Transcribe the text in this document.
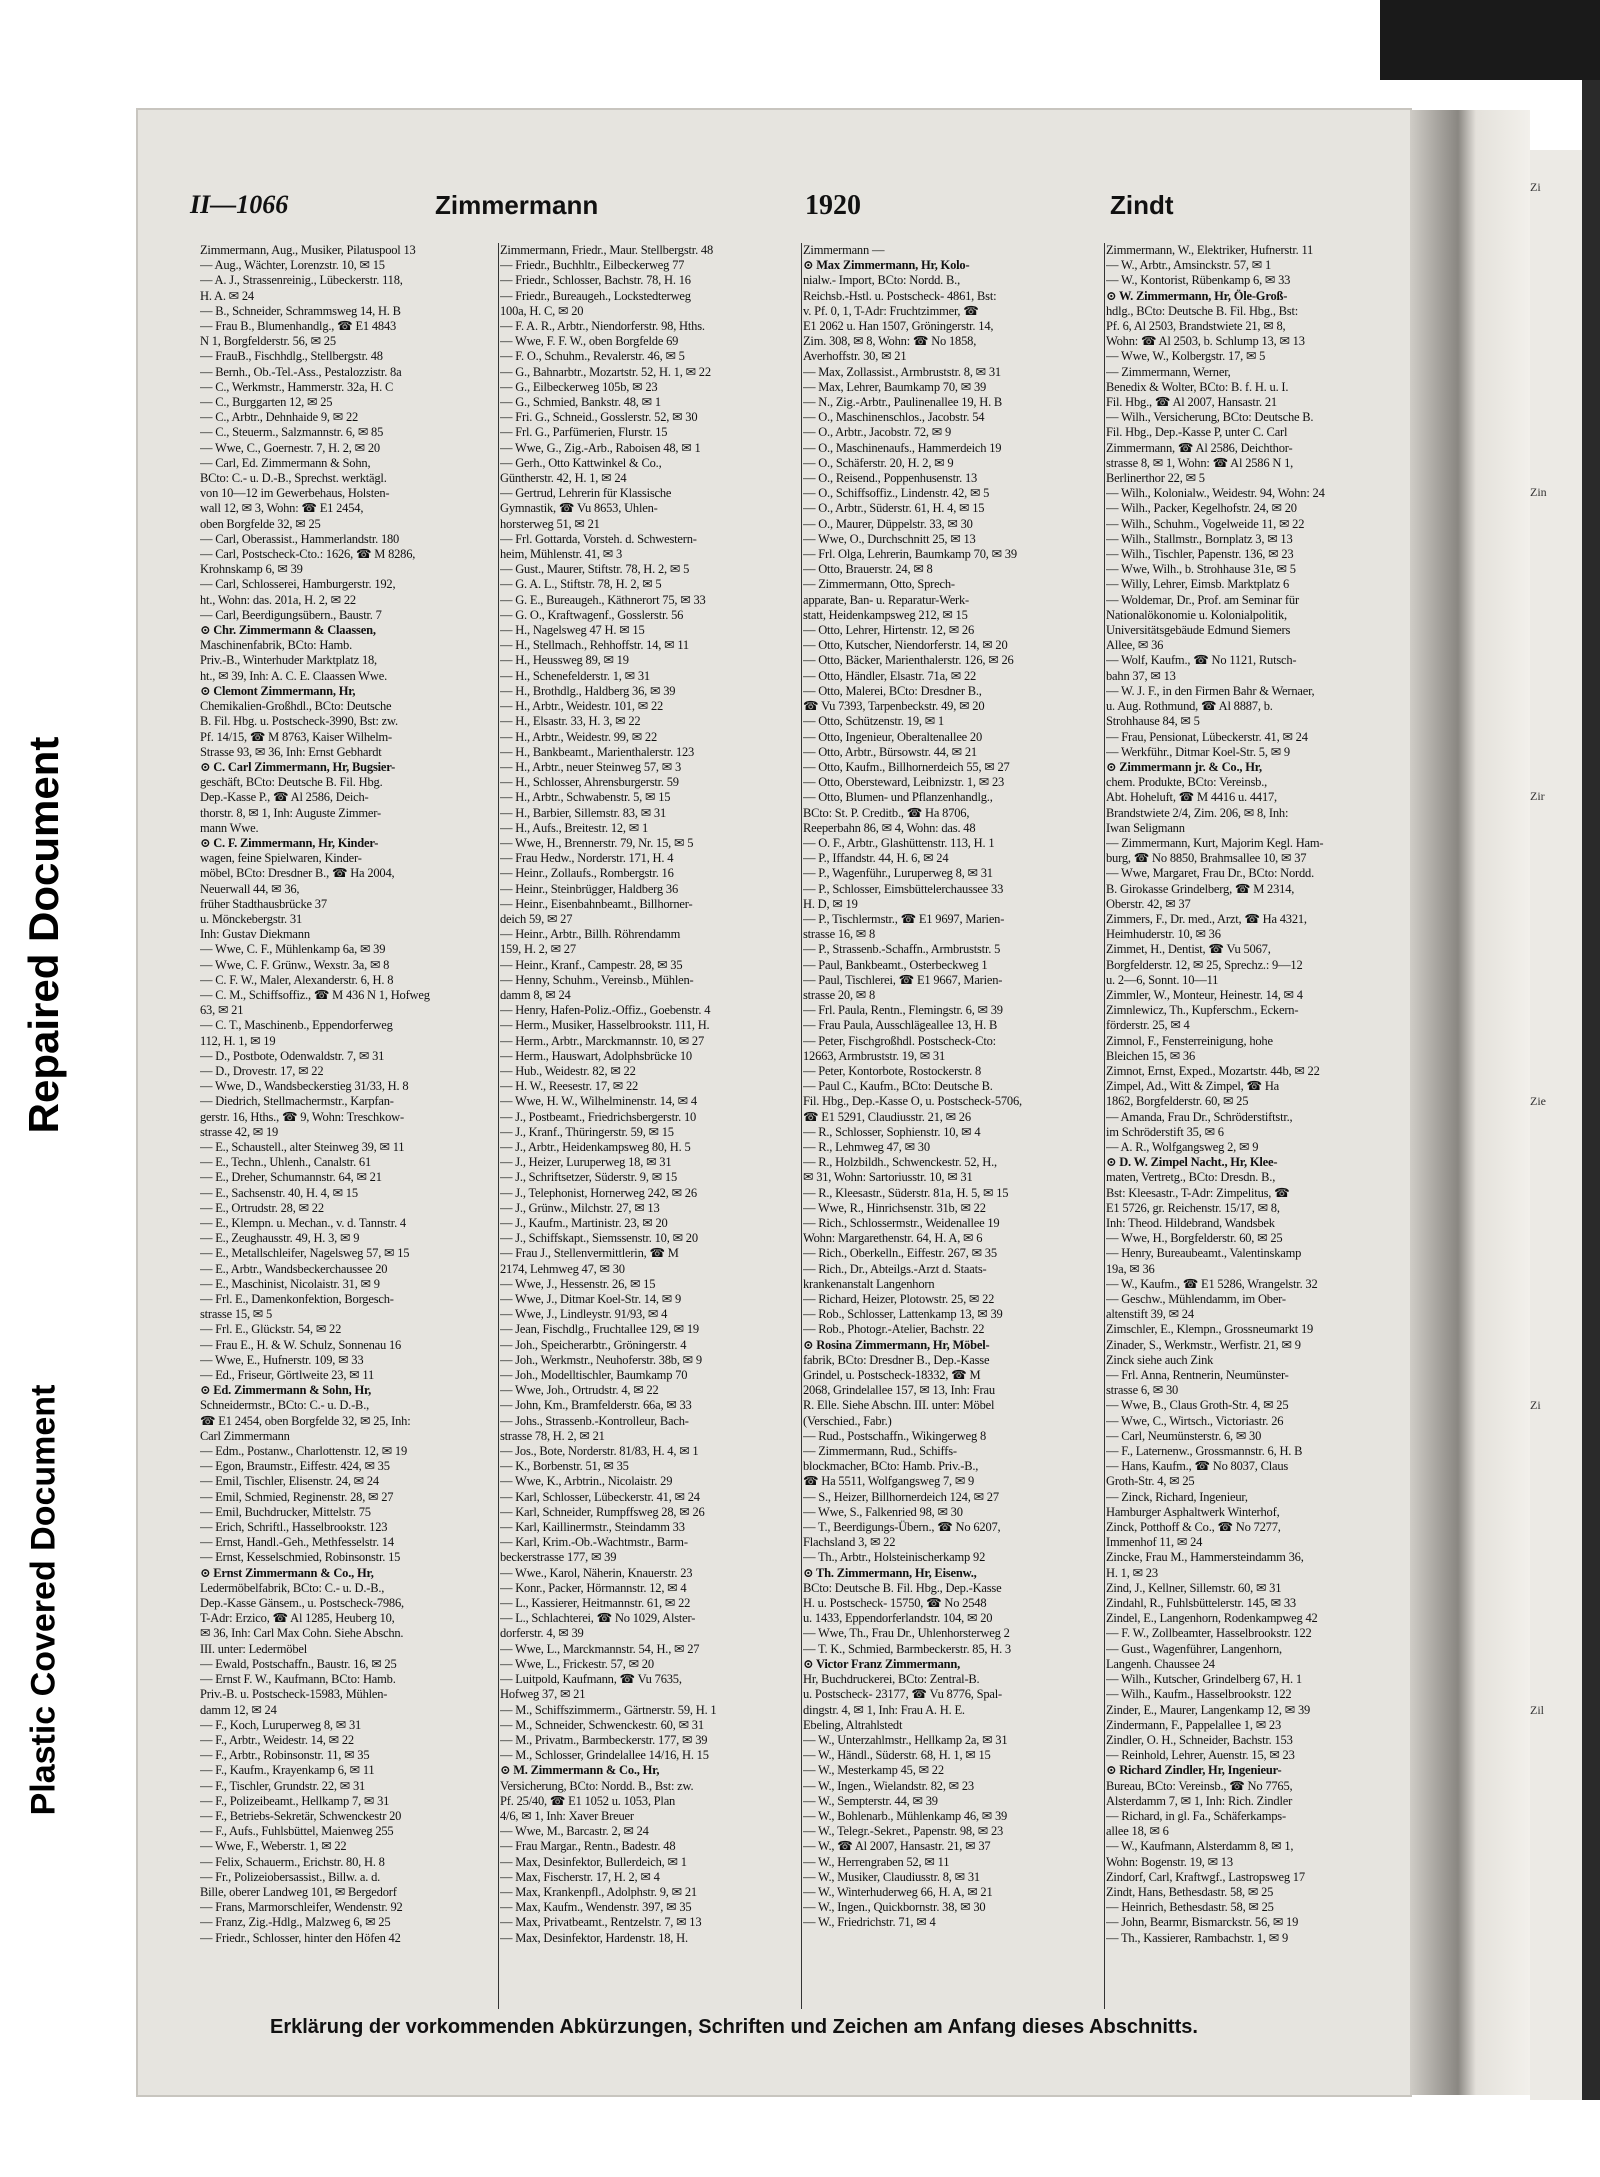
Repaired Document
Plastic Covered Document
Zi
Zin
Zir
Zie
Zi
Zil
II—1066	Zimmermann	1920	Zindt
Zimmermann, Aug., Musiker, Pilatuspool 13
— Aug., Wächter, Lorenzstr. 10, ✉ 15
— A. J., Strassenreinig., Lübeckerstr. 118,
H. A. ✉ 24
— B., Schneider, Schrammsweg 14, H. B
— Frau B., Blumenhandlg., ☎ E1 4843
N 1, Borgfelderstr. 56, ✉ 25
— FrauB., Fischhdlg., Stellbergstr. 48
— Bernh., Ob.-Tel.-Ass., Pestalozzistr. 8a
— C., Werkmstr., Hammerstr. 32a, H. C
— C., Burggarten 12, ✉ 25
— C., Arbtr., Dehnhaide 9, ✉ 22
— C., Steuerm., Salzmannstr. 6, ✉ 85
— Wwe, C., Goernestr. 7, H. 2, ✉ 20
— Carl, Ed. Zimmermann & Sohn,
BCto: C.- u. D.-B., Sprechst. werktägl.
von 10—12 im Gewerbehaus, Holsten-
wall 12, ✉ 3, Wohn: ☎ E1 2454,
oben Borgfelde 32, ✉ 25
— Carl, Oberassist., Hammerlandstr. 180
— Carl, Postscheck-Cto.: 1626, ☎ M 8286,
Krohnskamp 6, ✉ 39
— Carl, Schlosserei, Hamburgerstr. 192,
ht., Wohn: das. 201a, H. 2, ✉ 22
— Carl, Beerdigungsübern., Baustr. 7
⊙ Chr. Zimmermann & Claassen,
Maschinenfabrik, BCto: Hamb.
Priv.-B., Winterhuder Marktplatz 18,
ht., ✉ 39, Inh: A. C. E. Claassen Wwe.
⊙ Clemont Zimmermann, Hr,
Chemikalien-Großhdl., BCto: Deutsche
B. Fil. Hbg. u. Postscheck-3990, Bst: zw.
Pf. 14/15, ☎ M 8763, Kaiser Wilhelm-
Strasse 93, ✉ 36, Inh: Ernst Gebhardt
⊙ C. Carl Zimmermann, Hr, Bugsier-
geschäft, BCto: Deutsche B. Fil. Hbg.
Dep.-Kasse P., ☎ Al 2586, Deich-
thorstr. 8, ✉ 1, Inh: Auguste Zimmer-
mann Wwe.
⊙ C. F. Zimmermann, Hr, Kinder-
wagen, feine Spielwaren, Kinder-
möbel, BCto: Dresdner B., ☎ Ha 2004,
Neuerwall 44, ✉ 36,
früher Stadthausbrücke 37
u. Mönckebergstr. 31
Inh: Gustav Diekmann
— Wwe, C. F., Mühlenkamp 6a, ✉ 39
— Wwe, C. F. Grünw., Wexstr. 3a, ✉ 8
— C. F. W., Maler, Alexanderstr. 6, H. 8
— C. M., Schiffsoffiz., ☎ M 436 N 1, Hofweg
63, ✉ 21
— C. T., Maschinenb., Eppendorferweg
112, H. 1, ✉ 19
— D., Postbote, Odenwaldstr. 7, ✉ 31
— D., Drovestr. 17, ✉ 22
— Wwe, D., Wandsbeckerstieg 31/33, H. 8
— Diedrich, Stellmachermstr., Karpfan-
gerstr. 16, Hths., ☎ 9, Wohn: Treschkow-
strasse 42, ✉ 19
— E., Schaustell., alter Steinweg 39, ✉ 11
— E., Techn., Uhlenh., Canalstr. 61
— E., Dreher, Schumannstr. 64, ✉ 21
— E., Sachsenstr. 40, H. 4, ✉ 15
— E., Ortrudstr. 28, ✉ 22
— E., Klempn. u. Mechan., v. d. Tannstr. 4
— E., Zeughausstr. 49, H. 3, ✉ 9
— E., Metallschleifer, Nagelsweg 57, ✉ 15
— E., Arbtr., Wandsbeckerchaussee 20
— E., Maschinist, Nicolaistr. 31, ✉ 9
— Frl. E., Damenkonfektion, Borgesch-
strasse 15, ✉ 5
— Frl. E., Glückstr. 54, ✉ 22
— Frau E., H. & W. Schulz, Sonnenau 16
— Wwe, E., Hufnerstr. 109, ✉ 33
— Ed., Friseur, Görtlweite 23, ✉ 11
⊙ Ed. Zimmermann & Sohn, Hr,
Schneidermstr., BCto: C.- u. D.-B.,
☎ E1 2454, oben Borgfelde 32, ✉ 25, Inh:
Carl Zimmermann
— Edm., Postanw., Charlottenstr. 12, ✉ 19
— Egon, Braumstr., Eiffestr. 424, ✉ 35
— Emil, Tischler, Elisenstr. 24, ✉ 24
— Emil, Schmied, Reginenstr. 28, ✉ 27
— Emil, Buchdrucker, Mittelstr. 75
— Erich, Schriftl., Hasselbrookstr. 123
— Ernst, Handl.-Geh., Methfesselstr. 14
— Ernst, Kesselschmied, Robinsonstr. 15
⊙ Ernst Zimmermann & Co., Hr,
Ledermöbelfabrik, BCto: C.- u. D.-B.,
Dep.-Kasse Gänsem., u. Postscheck-7986,
T-Adr: Erzico, ☎ Al 1285, Heuberg 10,
✉ 36, Inh: Carl Max Cohn. Siehe Abschn.
III. unter: Ledermöbel
— Ewald, Postschaffn., Baustr. 16, ✉ 25
— Ernst F. W., Kaufmann, BCto: Hamb.
Priv.-B. u. Postscheck-15983, Mühlen-
damm 12, ✉ 24
— F., Koch, Luruperweg 8, ✉ 31
— F., Arbtr., Weidestr. 14, ✉ 22
— F., Arbtr., Robinsonstr. 11, ✉ 35
— F., Kaufm., Krayenkamp 6, ✉ 11
— F., Tischler, Grundstr. 22, ✉ 31
— F., Polizeibeamt., Hellkamp 7, ✉ 31
— F., Betriebs-Sekretär, Schwenckestr 20
— F., Aufs., Fuhlsbüttel, Maienweg 255
— Wwe, F., Weberstr. 1, ✉ 22
— Felix, Schauerm., Erichstr. 80, H. 8
— Fr., Polizeiobersassist., Billw. a. d.
Bille, oberer Landweg 101, ✉ Bergedorf
— Frans, Marmorschleifer, Wendenstr. 92
— Franz, Zig.-Hdlg., Malzweg 6, ✉ 25
— Friedr., Schlosser, hinter den Höfen 42
Zimmermann, Friedr., Maur. Stellbergstr. 48
— Friedr., Buchhltr., Eilbeckerweg 77
— Friedr., Schlosser, Bachstr. 78, H. 16
— Friedr., Bureaugeh., Lockstedterweg
100a, H. C, ✉ 20
— F. A. R., Arbtr., Niendorferstr. 98, Hths.
— Wwe, F. F. W., oben Borgfelde 69
— F. O., Schuhm., Revalerstr. 46, ✉ 5
— G., Bahnarbtr., Mozartstr. 52, H. 1, ✉ 22
— G., Eilbeckerweg 105b, ✉ 23
— G., Schmied, Bankstr. 48, ✉ 1
— Fri. G., Schneid., Gosslerstr. 52, ✉ 30
— Frl. G., Parfümerien, Flurstr. 15
— Wwe, G., Zig.-Arb., Raboisen 48, ✉ 1
— Gerh., Otto Kattwinkel & Co.,
Güntherstr. 42, H. 1, ✉ 24
— Gertrud, Lehrerin für Klassische
Gymnastik, ☎ Vu 8653, Uhlen-
horsterweg 51, ✉ 21
— Frl. Gottarda, Vorsteh. d. Schwestern-
heim, Mühlenstr. 41, ✉ 3
— Gust., Maurer, Stiftstr. 78, H. 2, ✉ 5
— G. A. L., Stiftstr. 78, H. 2, ✉ 5
— G. E., Bureaugeh., Käthnerort 75, ✉ 33
— G. O., Kraftwagenf., Gosslerstr. 56
— H., Nagelsweg 47 H. ✉ 15
— H., Stellmach., Rehhoffstr. 14, ✉ 11
— H., Heussweg 89, ✉ 19
— H., Schenefelderstr. 1, ✉ 31
— H., Brothdlg., Haldberg 36, ✉ 39
— H., Arbtr., Weidestr. 101, ✉ 22
— H., Elsastr. 33, H. 3, ✉ 22
— H., Arbtr., Weidestr. 99, ✉ 22
— H., Bankbeamt., Marienthalerstr. 123
— H., Arbtr., neuer Steinweg 57, ✉ 3
— H., Schlosser, Ahrensburgerstr. 59
— H., Arbtr., Schwabenstr. 5, ✉ 15
— H., Barbier, Sillemstr. 83, ✉ 31
— H., Aufs., Breitestr. 12, ✉ 1
— Wwe, H., Brennerstr. 79, Nr. 15, ✉ 5
— Frau Hedw., Norderstr. 171, H. 4
— Heinr., Zollaufs., Rombergstr. 16
— Heinr., Steinbrügger, Haldberg 36
— Heinr., Eisenbahnbeamt., Billhorner-
deich 59, ✉ 27
— Heinr., Arbtr., Billh. Röhrendamm
159, H. 2, ✉ 27
— Heinr., Kranf., Campestr. 28, ✉ 35
— Henny, Schuhm., Vereinsb., Mühlen-
damm 8, ✉ 24
— Henry, Hafen-Poliz.-Offiz., Goebenstr. 4
— Herm., Musiker, Hasselbrookstr. 111, H.
— Herm., Arbtr., Marckmannstr. 10, ✉ 27
— Herm., Hauswart, Adolphsbrücke 10
— Hub., Weidestr. 82, ✉ 22
— H. W., Reesestr. 17, ✉ 22
— Wwe, H. W., Wilhelminenstr. 14, ✉ 4
— J., Postbeamt., Friedrichsbergerstr. 10
— J., Kranf., Thüringerstr. 59, ✉ 15
— J., Arbtr., Heidenkampsweg 80, H. 5
— J., Heizer, Luruperweg 18, ✉ 31
— J., Schriftsetzer, Süderstr. 9, ✉ 15
— J., Telephonist, Hornerweg 242, ✉ 26
— J., Grünw., Milchstr. 27, ✉ 13
— J., Kaufm., Martinistr. 23, ✉ 20
— J., Schiffskapt., Siemssenstr. 10, ✉ 20
— Frau J., Stellenvermittlerin, ☎ M
2174, Lehmweg 47, ✉ 30
— Wwe, J., Hessenstr. 26, ✉ 15
— Wwe, J., Ditmar Koel-Str. 14, ✉ 9
— Wwe, J., Lindleystr. 91/93, ✉ 4
— Jean, Fischdlg., Fruchtallee 129, ✉ 19
— Joh., Speicherarbtr., Gröningerstr. 4
— Joh., Werkmstr., Neuhoferstr. 38b, ✉ 9
— Joh., Modelltischler, Baumkamp 70
— Wwe, Joh., Ortrudstr. 4, ✉ 22
— John, Km., Bramfelderstr. 66a, ✉ 33
— Johs., Strassenb.-Kontrolleur, Bach-
strasse 78, H. 2, ✉ 21
— Jos., Bote, Norderstr. 81/83, H. 4, ✉ 1
— K., Borbenstr. 51, ✉ 35
— Wwe, K., Arbtrin., Nicolaistr. 29
— Karl, Schlosser, Lübeckerstr. 41, ✉ 24
— Karl, Schneider, Rumpffsweg 28, ✉ 26
— Karl, Kaillinermstr., Steindamm 33
— Karl, Krim.-Ob.-Wachtmstr., Barm-
beckerstrasse 177, ✉ 39
— Wwe., Karol, Näherin, Knauerstr. 23
— Konr., Packer, Hörmannstr. 12, ✉ 4
— L., Kassierer, Heitmannstr. 61, ✉ 22
— L., Schlachterei, ☎ No 1029, Alster-
dorferstr. 4, ✉ 39
— Wwe, L., Marckmannstr. 54, H., ✉ 27
— Wwe, L., Frickestr. 57, ✉ 20
— Luitpold, Kaufmann, ☎ Vu 7635,
Hofweg 37, ✉ 21
— M., Schiffszimmerm., Gärtnerstr. 59, H. 1
— M., Schneider, Schwenckestr. 60, ✉ 31
— M., Privatm., Barmbeckerstr. 177, ✉ 39
— M., Schlosser, Grindelallee 14/16, H. 15
⊙ M. Zimmermann & Co., Hr,
Versicherung, BCto: Nordd. B., Bst: zw.
Pf. 25/40, ☎ E1 1052 u. 1053, Plan
4/6, ✉ 1, Inh: Xaver Breuer
— Wwe, M., Barcastr. 2, ✉ 24
— Frau Margar., Rentn., Badestr. 48
— Max, Desinfektor, Bullerdeich, ✉ 1
— Max, Fischerstr. 17, H. 2, ✉ 4
— Max, Krankenpfl., Adolphstr. 9, ✉ 21
— Max, Kaufm., Wendenstr. 397, ✉ 35
— Max, Privatbeamt., Rentzelstr. 7, ✉ 13
— Max, Desinfektor, Hardenstr. 18, H.
Zimmermann —
⊙ Max Zimmermann, Hr, Kolo-
nialw.- Import, BCto: Nordd. B.,
Reichsb.-Hstl. u. Postscheck- 4861, Bst:
v. Pf. 0, 1, T-Adr: Fruchtzimmer, ☎
E1 2062 u. Han 1507, Gröningerstr. 14,
Zim. 308, ✉ 8, Wohn: ☎ No 1858,
Averhoffstr. 30, ✉ 21
— Max, Zollassist., Armbruststr. 8, ✉ 31
— Max, Lehrer, Baumkamp 70, ✉ 39
— N., Zig.-Arbtr., Paulinenallee 19, H. B
— O., Maschinenschlos., Jacobstr. 54
— O., Arbtr., Jacobstr. 72, ✉ 9
— O., Maschinenaufs., Hammerdeich 19
— O., Schäferstr. 20, H. 2, ✉ 9
— O., Reisend., Poppenhusenstr. 13
— O., Schiffsoffiz., Lindenstr. 42, ✉ 5
— O., Arbtr., Süderstr. 61, H. 4, ✉ 15
— O., Maurer, Düppelstr. 33, ✉ 30
— Wwe, O., Durchschnitt 25, ✉ 13
— Frl. Olga, Lehrerin, Baumkamp 70, ✉ 39
— Otto, Brauerstr. 24, ✉ 8
— Zimmermann, Otto, Sprech-
apparate, Ban- u. Reparatur-Werk-
statt, Heidenkampsweg 212, ✉ 15
— Otto, Lehrer, Hirtenstr. 12, ✉ 26
— Otto, Kutscher, Niendorferstr. 14, ✉ 20
— Otto, Bäcker, Marienthalerstr. 126, ✉ 26
— Otto, Händler, Elsastr. 71a, ✉ 22
— Otto, Malerei, BCto: Dresdner B.,
☎ Vu 7393, Tarpenbeckstr. 49, ✉ 20
— Otto, Schützenstr. 19, ✉ 1
— Otto, Ingenieur, Oberaltenallee 20
— Otto, Arbtr., Bürsowstr. 44, ✉ 21
— Otto, Kaufm., Billhornerdeich 55, ✉ 27
— Otto, Obersteward, Leibnizstr. 1, ✉ 23
— Otto, Blumen- und Pflanzenhandlg.,
BCto: St. P. Creditb., ☎ Ha 8706,
Reeperbahn 86, ✉ 4, Wohn: das. 48
— O. F., Arbtr., Glashüttenstr. 113, H. 1
— P., Iffandstr. 44, H. 6, ✉ 24
— P., Wagenführ., Luruperweg 8, ✉ 31
— P., Schlosser, Eimsbüttelerchaussee 33
H. D, ✉ 19
— P., Tischlermstr., ☎ E1 9697, Marien-
strasse 16, ✉ 8
— P., Strassenb.-Schaffn., Armbruststr. 5
— Paul, Bankbeamt., Osterbeckweg 1
— Paul, Tischlerei, ☎ E1 9667, Marien-
strasse 20, ✉ 8
— Frl. Paula, Rentn., Flemingstr. 6, ✉ 39
— Frau Paula, Ausschlägeallee 13, H. B
— Peter, Fischgroßhdl. Postscheck-Cto:
12663, Armbruststr. 19, ✉ 31
— Peter, Kontorbote, Rostockerstr. 8
— Paul C., Kaufm., BCto: Deutsche B.
Fil. Hbg., Dep.-Kasse O, u. Postscheck-5706,
☎ E1 5291, Claudiusstr. 21, ✉ 26
— R., Schlosser, Sophienstr. 10, ✉ 4
— R., Lehmweg 47, ✉ 30
— R., Holzbildh., Schwenckestr. 52, H.,
✉ 31, Wohn: Sartoriusstr. 10, ✉ 31
— R., Kleesastr., Süderstr. 81a, H. 5, ✉ 15
— Wwe, R., Hinrichsenstr. 31b, ✉ 22
— Rich., Schlossermstr., Weidenallee 19
Wohn: Margarethenstr. 64, H. A, ✉ 6
— Rich., Oberkelln., Eiffestr. 267, ✉ 35
— Rich., Dr., Abteilgs.-Arzt d. Staats-
krankenanstalt Langenhorn
— Richard, Heizer, Plotowstr. 25, ✉ 22
— Rob., Schlosser, Lattenkamp 13, ✉ 39
— Rob., Photogr.-Atelier, Bachstr. 22
⊙ Rosina Zimmermann, Hr, Möbel-
fabrik, BCto: Dresdner B., Dep.-Kasse
Grindel, u. Postscheck-18332, ☎ M
2068, Grindelallee 157, ✉ 13, Inh: Frau
R. Elle. Siehe Abschn. III. unter: Möbel
(Verschied., Fabr.)
— Rud., Postschaffn., Wikingerweg 8
— Zimmermann, Rud., Schiffs-
blockmacher, BCto: Hamb. Priv.-B.,
☎ Ha 5511, Wolfgangsweg 7, ✉ 9
— S., Heizer, Billhornerdeich 124, ✉ 27
— Wwe, S., Falkenried 98, ✉ 30
— T., Beerdigungs-Übern., ☎ No 6207,
Flachsland 3, ✉ 22
— Th., Arbtr., Holsteinischerkamp 92
⊙ Th. Zimmermann, Hr, Eisenw.,
BCto: Deutsche B. Fil. Hbg., Dep.-Kasse
H. u. Postscheck- 15750, ☎ No 2548
u. 1433, Eppendorferlandstr. 104, ✉ 20
— Wwe, Th., Frau Dr., Uhlenhorsterweg 2
— T. K., Schmied, Barmbeckerstr. 85, H. 3
⊙ Victor Franz Zimmermann,
Hr, Buchdruckerei, BCto: Zentral-B.
u. Postscheck- 23177, ☎ Vu 8776, Spal-
dingstr. 4, ✉ 1, Inh: Frau A. H. E.
Ebeling, Altrahlstedt
— W., Unterzahlmstr., Hellkamp 2a, ✉ 31
— W., Händl., Süderstr. 68, H. 1, ✉ 15
— W., Mesterkamp 45, ✉ 22
— W., Ingen., Wielandstr. 82, ✉ 23
— W., Sempterstr. 44, ✉ 39
— W., Bohlenarb., Mühlenkamp 46, ✉ 39
— W., Telegr.-Sekret., Papenstr. 98, ✉ 23
— W., ☎ Al 2007, Hansastr. 21, ✉ 37
— W., Herrengraben 52, ✉ 11
— W., Musiker, Claudiusstr. 8, ✉ 31
— W., Winterhuderweg 66, H. A, ✉ 21
— W., Ingen., Quickbornstr. 38, ✉ 30
— W., Friedrichstr. 71, ✉ 4
Zimmermann, W., Elektriker, Hufnerstr. 11
— W., Arbtr., Amsinckstr. 57, ✉ 1
— W., Kontorist, Rübenkamp 6, ✉ 33
⊙ W. Zimmermann, Hr, Öle-Groß-
hdlg., BCto: Deutsche B. Fil. Hbg., Bst:
Pf. 6, Al 2503, Brandstwiete 21, ✉ 8,
Wohn: ☎ Al 2503, b. Schlump 13, ✉ 13
— Wwe, W., Kolbergstr. 17, ✉ 5
— Zimmermann, Werner,
Benedix & Wolter, BCto: B. f. H. u. I.
Fil. Hbg., ☎ Al 2007, Hansastr. 21
— Wilh., Versicherung, BCto: Deutsche B.
Fil. Hbg., Dep.-Kasse P, unter C. Carl
Zimmermann, ☎ Al 2586, Deichthor-
strasse 8, ✉ 1, Wohn: ☎ Al 2586 N 1,
Berlinerthor 22, ✉ 5
— Wilh., Kolonialw., Weidestr. 94, Wohn: 24
— Wilh., Packer, Kegelhofstr. 24, ✉ 20
— Wilh., Schuhm., Vogelweide 11, ✉ 22
— Wilh., Stallmstr., Bornplatz 3, ✉ 13
— Wilh., Tischler, Papenstr. 136, ✉ 23
— Wwe, Wilh., b. Strohhause 31e, ✉ 5
— Willy, Lehrer, Eimsb. Marktplatz 6
— Woldemar, Dr., Prof. am Seminar für
Nationalökonomie u. Kolonialpolitik,
Universitätsgebäude Edmund Siemers
Allee, ✉ 36
— Wolf, Kaufm., ☎ No 1121, Rutsch-
bahn 37, ✉ 13
— W. J. F., in den Firmen Bahr & Wernaer,
u. Aug. Rothmund, ☎ Al 8887, b.
Strohhause 84, ✉ 5
— Frau, Pensionat, Lübeckerstr. 41, ✉ 24
— Werkführ., Ditmar Koel-Str. 5, ✉ 9
⊙ Zimmermann jr. & Co., Hr,
chem. Produkte, BCto: Vereinsb.,
Abt. Hoheluft, ☎ M 4416 u. 4417,
Brandstwiete 2/4, Zim. 206, ✉ 8, Inh:
Iwan Seligmann
— Zimmermann, Kurt, Majorim Kegl. Ham-
burg, ☎ No 8850, Brahmsallee 10, ✉ 37
— Wwe, Margaret, Frau Dr., BCto: Nordd.
B. Girokasse Grindelberg, ☎ M 2314,
Oberstr. 42, ✉ 37
Zimmers, F., Dr. med., Arzt, ☎ Ha 4321,
Heimhuderstr. 10, ✉ 36
Zimmet, H., Dentist, ☎ Vu 5067,
Borgfelderstr. 12, ✉ 25, Sprechz.: 9—12
u. 2—6, Sonnt. 10—11
Zimmler, W., Monteur, Heinestr. 14, ✉ 4
Zimnlewicz, Th., Kupferschm., Eckern-
förderstr. 25, ✉ 4
Zimnol, F., Fensterreinigung, hohe
Bleichen 15, ✉ 36
Zimnot, Ernst, Exped., Mozartstr. 44b, ✉ 22
Zimpel, Ad., Witt & Zimpel, ☎ Ha
1862, Borgfelderstr. 60, ✉ 25
— Amanda, Frau Dr., Schröderstiftstr.,
im Schröderstift 35, ✉ 6
— A. R., Wolfgangsweg 2, ✉ 9
⊙ D. W. Zimpel Nacht., Hr, Klee-
maten, Vertretg., BCto: Dresdn. B.,
Bst: Kleesastr., T-Adr: Zimpelitus, ☎
E1 5726, gr. Reichenstr. 15/17, ✉ 8,
Inh: Theod. Hildebrand, Wandsbek
— Wwe, H., Borgfelderstr. 60, ✉ 25
— Henry, Bureaubeamt., Valentinskamp
19a, ✉ 36
— W., Kaufm., ☎ E1 5286, Wrangelstr. 32
— Geschw., Mühlendamm, im Ober-
altenstift 39, ✉ 24
Zimschler, E., Klempn., Grossneumarkt 19
Zinader, S., Werkmstr., Werfistr. 21, ✉ 9
Zinck siehe auch Zink
— Frl. Anna, Rentnerin, Neumünster-
strasse 6, ✉ 30
— Wwe, B., Claus Groth-Str. 4, ✉ 25
— Wwe, C., Wirtsch., Victoriastr. 26
— Carl, Neumünsterstr. 6, ✉ 30
— F., Laternenw., Grossmannstr. 6, H. B
— Hans, Kaufm., ☎ No 8037, Claus
Groth-Str. 4, ✉ 25
— Zinck, Richard, Ingenieur,
Hamburger Asphaltwerk Winterhof,
Zinck, Potthoff & Co., ☎ No 7277,
Immenhof 11, ✉ 24
Zincke, Frau M., Hammersteindamm 36,
H. 1, ✉ 23
Zind, J., Kellner, Sillemstr. 60, ✉ 31
Zindahl, R., Fuhlsbüttelerstr. 145, ✉ 33
Zindel, E., Langenhorn, Rodenkampweg 42
— F. W., Zollbeamter, Hasselbrookstr. 122
— Gust., Wagenführer, Langenhorn,
Langenh. Chaussee 24
— Wilh., Kutscher, Grindelberg 67, H. 1
— Wilh., Kaufm., Hasselbrookstr. 122
Zinder, E., Maurer, Langenkamp 12, ✉ 39
Zindermann, F., Pappelallee 1, ✉ 23
Zindler, O. H., Schneider, Bachstr. 153
— Reinhold, Lehrer, Auenstr. 15, ✉ 23
⊙ Richard Zindler, Hr, Ingenieur-
Bureau, BCto: Vereinsb., ☎ No 7765,
Alsterdamm 7, ✉ 1, Inh: Rich. Zindler
— Richard, in gl. Fa., Schäferkamps-
allee 18, ✉ 6
— W., Kaufmann, Alsterdamm 8, ✉ 1,
Wohn: Bogenstr. 19, ✉ 13
Zindorf, Carl, Kraftwgf., Lastropsweg 17
Zindt, Hans, Bethesdastr. 58, ✉ 25
— Heinrich, Bethesdastr. 58, ✉ 25
— John, Bearmr, Bismarckstr. 56, ✉ 19
— Th., Kassierer, Rambachstr. 1, ✉ 9
Erklärung der vorkommenden Abkürzungen, Schriften und Zeichen am Anfang dieses Abschnitts.
